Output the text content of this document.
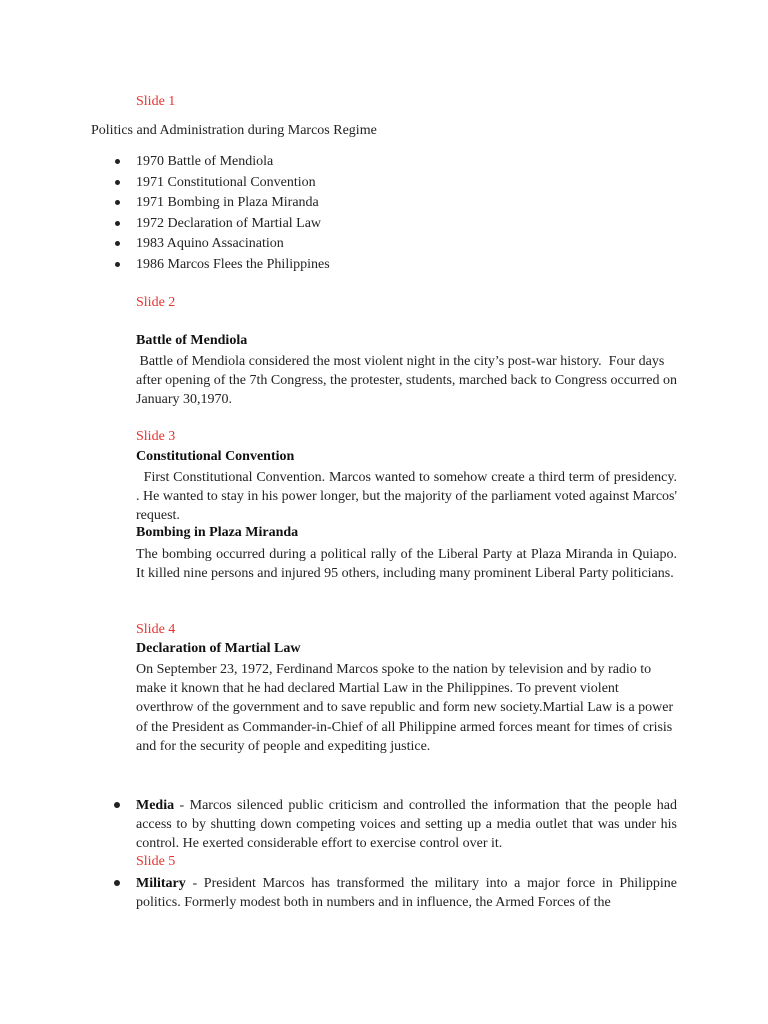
Slide 1
Politics and Administration during Marcos Regime
1970 Battle of Mendiola
1971 Constitutional Convention
1971 Bombing in Plaza Miranda
1972 Declaration of Martial Law
1983 Aquino Assacination
1986 Marcos Flees the Philippines
Slide 2
Battle of Mendiola
Battle of Mendiola considered the most violent night in the city’s post-war history.  Four days after opening of the 7th Congress, the protester, students, marched back to Congress occurred on January 30,1970.
Slide 3
Constitutional Convention
First Constitutional Convention. Marcos wanted to somehow create a third term of presidency. . He wanted to stay in his power longer, but the majority of the parliament voted against Marcos' request.
Bombing in Plaza Miranda
The bombing occurred during a political rally of the Liberal Party at Plaza Miranda in Quiapo. It killed nine persons and injured 95 others, including many prominent Liberal Party politicians.
Slide 4
Declaration of Martial Law
On September 23, 1972, Ferdinand Marcos spoke to the nation by television and by radio to make it known that he had declared Martial Law in the Philippines. To prevent violent overthrow of the government and to save republic and form new society.Martial Law is a power of the President as Commander-in-Chief of all Philippine armed forces meant for times of crisis and for the security of people and expediting justice.
Media - Marcos silenced public criticism and controlled the information that the people had access to by shutting down competing voices and setting up a media outlet that was under his control. He exerted considerable effort to exercise control over it.
Slide 5
Military - President Marcos has transformed the military into a major force in Philippine politics. Formerly modest both in numbers and in influence, the Armed Forces of the
